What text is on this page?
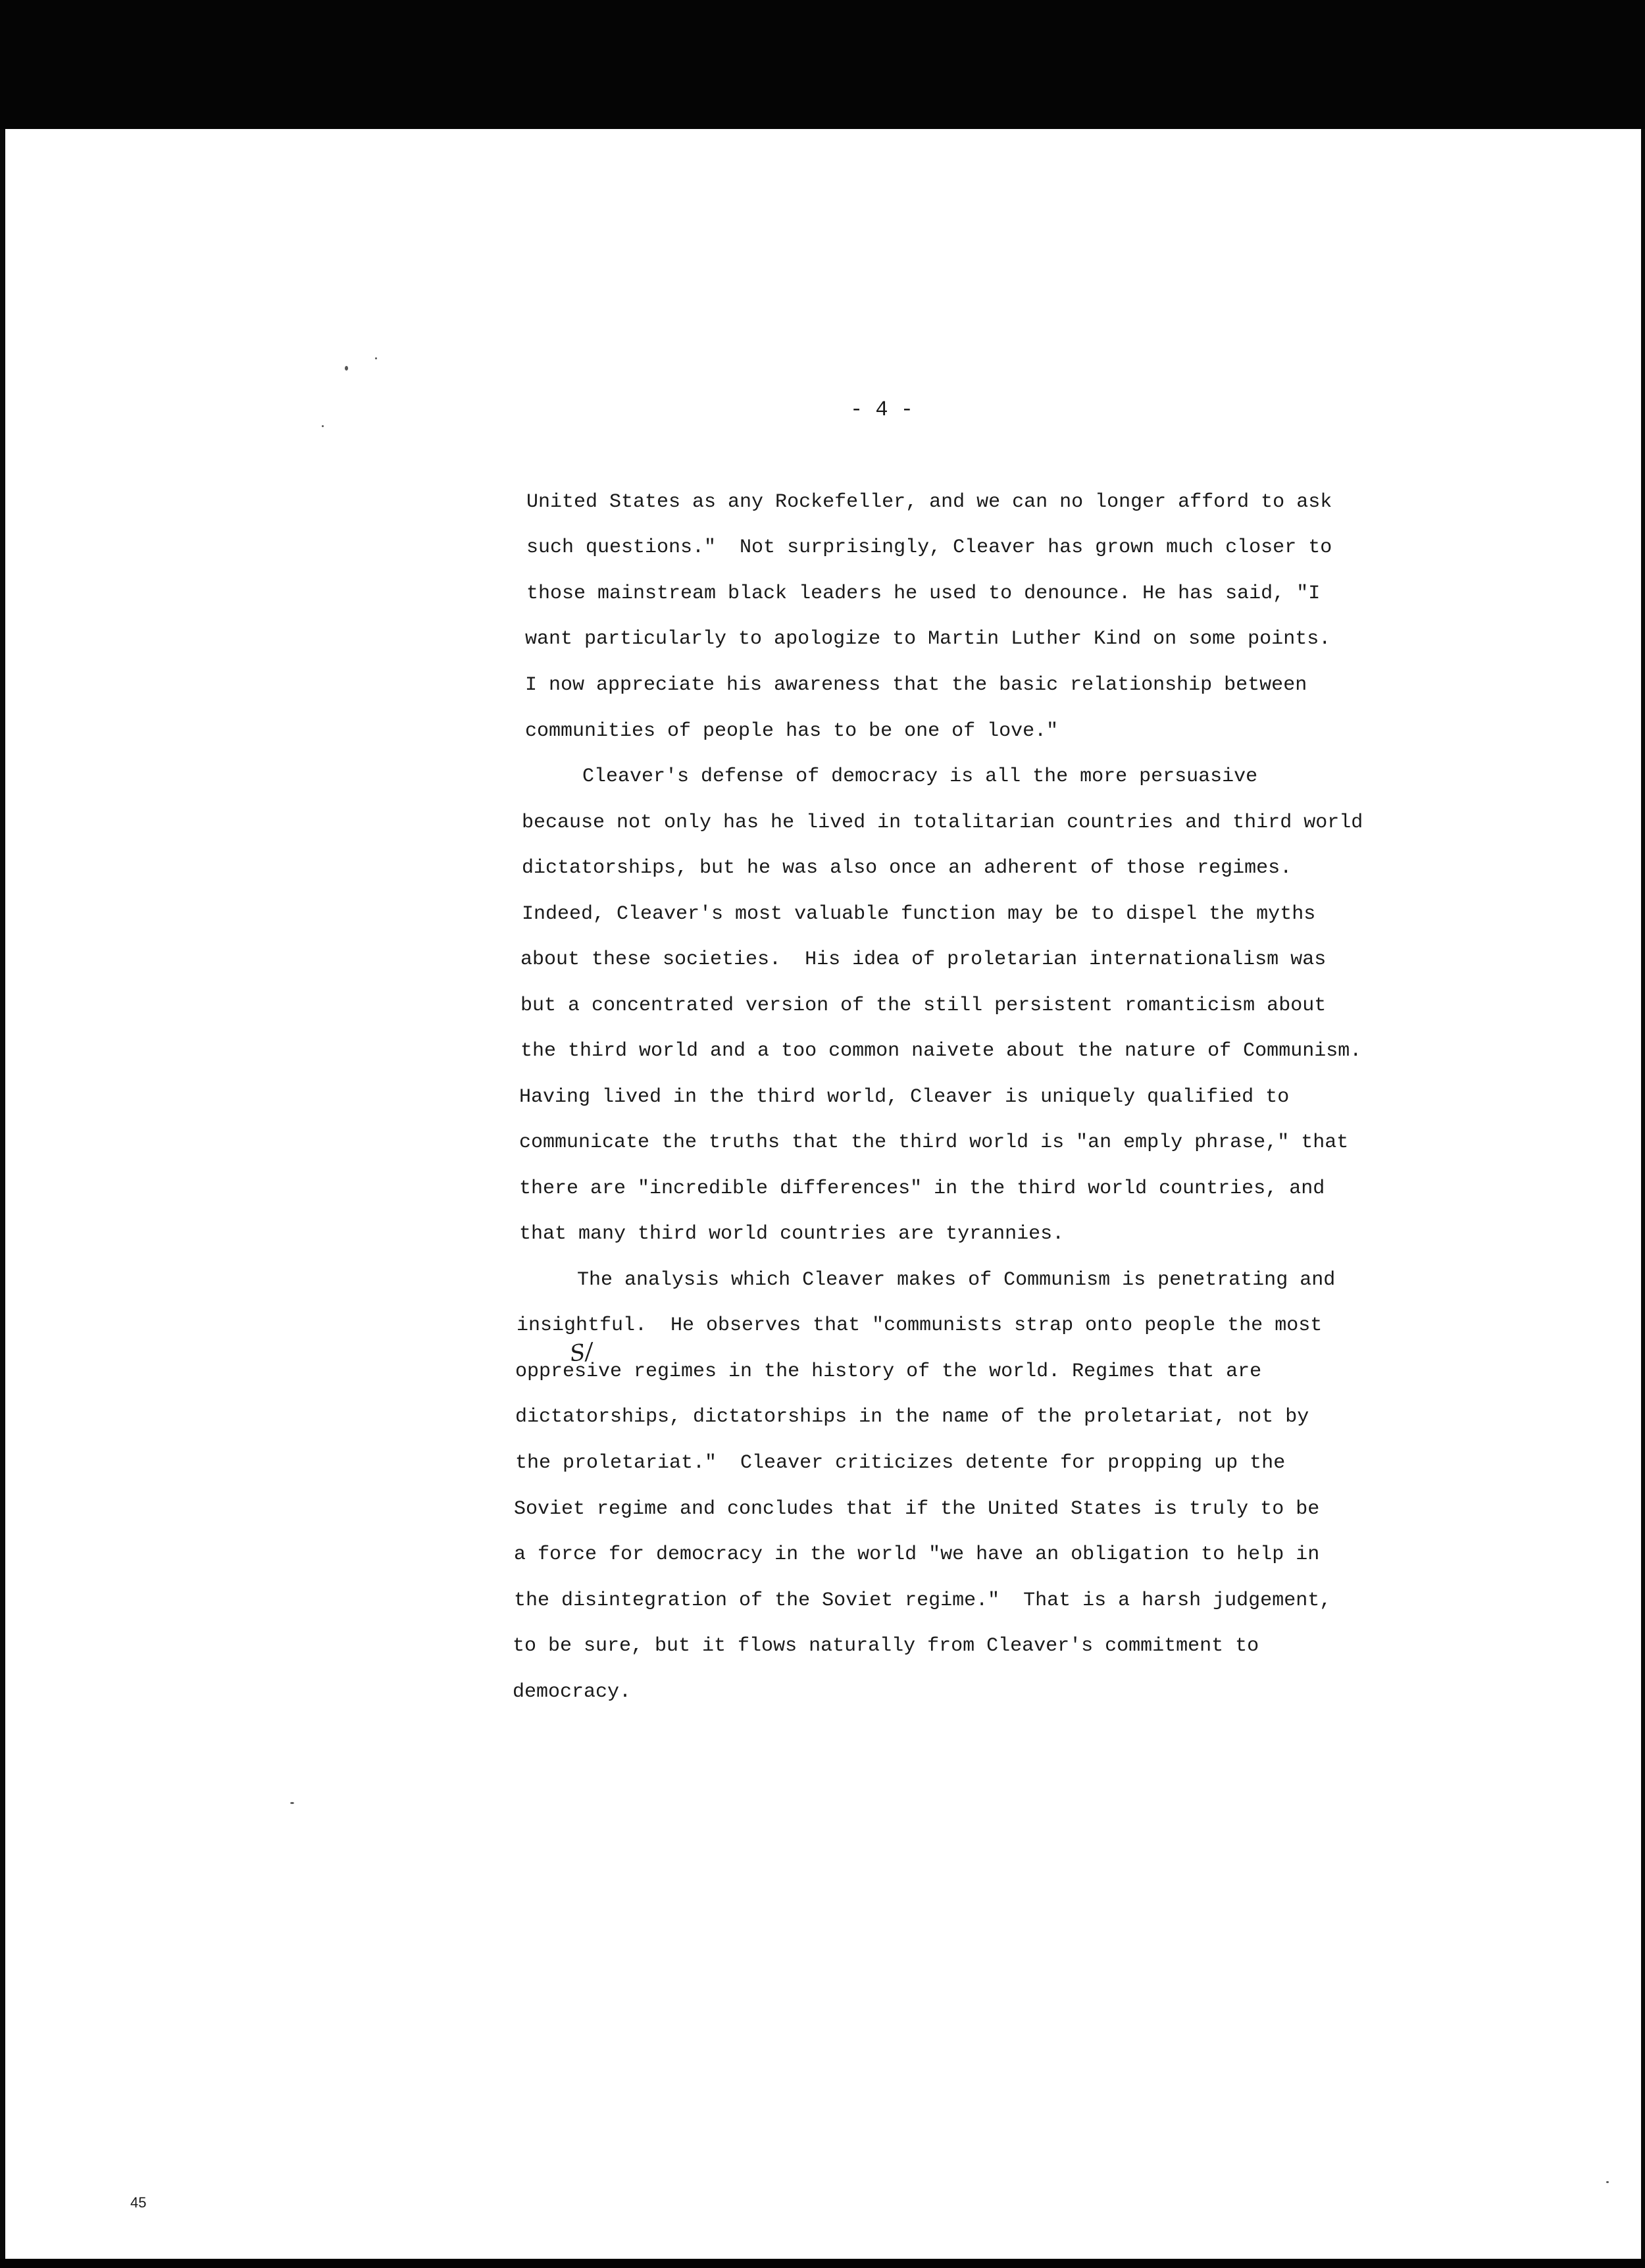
- 4 -
United States as any Rockefeller, and we can no longer afford to ask
such questions."  Not surprisingly, Cleaver has grown much closer to
those mainstream black leaders he used to denounce. He has said, "I
want particularly to apologize to Martin Luther Kind on some points.
I now appreciate his awareness that the basic relationship between
communities of people has to be one of love."
Cleaver's defense of democracy is all the more persuasive
because not only has he lived in totalitarian countries and third world
dictatorships, but he was also once an adherent of those regimes.
Indeed, Cleaver's most valuable function may be to dispel the myths
about these societies.  His idea of proletarian internationalism was
but a concentrated version of the still persistent romanticism about
the third world and a too common naivete about the nature of Communism.
Having lived in the third world, Cleaver is uniquely qualified to
communicate the truths that the third world is "an emply phrase," that
there are "incredible differences" in the third world countries, and
that many third world countries are tyrannies.
The analysis which Cleaver makes of Communism is penetrating and
insightful.  He observes that "communists strap onto people the most
oppresive regimes in the history of the world. Regimes that are
dictatorships, dictatorships in the name of the proletariat, not by
the proletariat."  Cleaver criticizes detente for propping up the
Soviet regime and concludes that if the United States is truly to be
a force for democracy in the world "we have an obligation to help in
the disintegration of the Soviet regime."  That is a harsh judgement,
to be sure, but it flows naturally from Cleaver's commitment to
democracy.
S/
45
